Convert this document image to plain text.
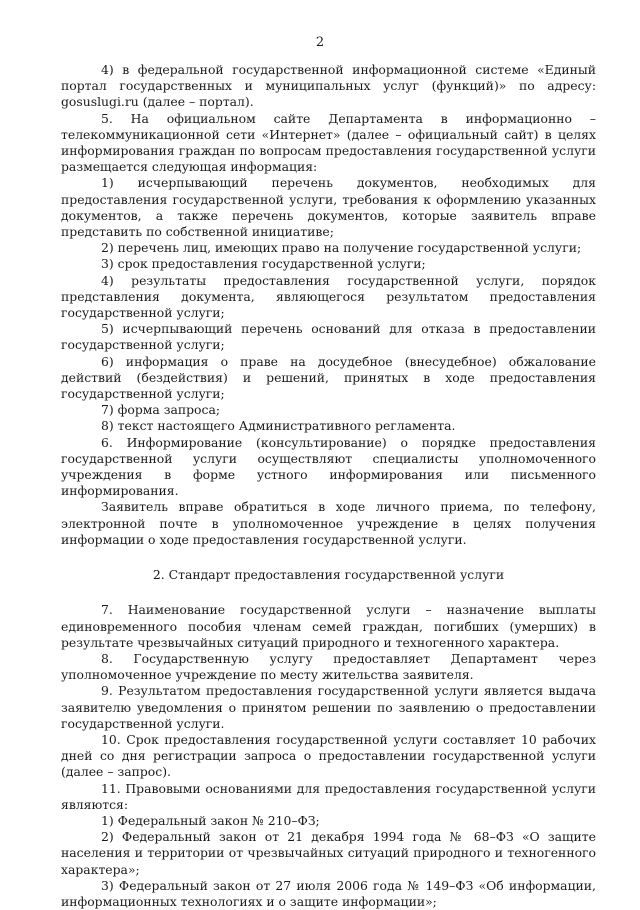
2

4) в федеральной государственной информационной системе «Единый портал государственных и муниципальных услуг (функций)» по адресу: gosuslugi.ru (далее – портал).

5. На официальном сайте Департамента в информационно – телекоммуникационной сети «Интернет» (далее – официальный сайт) в целях информирования граждан по вопросам предоставления государственной услуги размещается следующая информация:

1) исчерпывающий перечень документов, необходимых для предоставления государственной услуги, требования к оформлению указанных документов, а также перечень документов, которые заявитель вправе представить по собственной инициативе;

2) перечень лиц, имеющих право на получение государственной услуги;

3) срок предоставления государственной услуги;

4) результаты предоставления государственной услуги, порядок представления документа, являющегося результатом предоставления государственной услуги;

5) исчерпывающий перечень оснований для отказа в предоставлении государственной услуги;

6) информация о праве на досудебное (внесудебное) обжалование действий (бездействия) и решений, принятых в ходе предоставления государственной услуги;

7) форма запроса;

8) текст настоящего Административного регламента.

6. Информирование (консультирование) о порядке предоставления государственной услуги осуществляют специалисты уполномоченного учреждения в форме устного информирования или письменного информирования.

Заявитель вправе обратиться в ходе личного приема, по телефону, электронной почте в уполномоченное учреждение в целях получения информации о ходе предоставления государственной услуги.

2. Стандарт предоставления государственной услуги

7. Наименование государственной услуги – назначение выплаты единовременного пособия членам семей граждан, погибших (умерших) в результате чрезвычайных ситуаций природного и техногенного характера.

8. Государственную услугу предоставляет Департамент через уполномоченное учреждение по месту жительства заявителя.

9. Результатом предоставления государственной услуги является выдача заявителю уведомления о принятом решении по заявлению о предоставлении государственной услуги.

10. Срок предоставления государственной услуги составляет 10 рабочих дней со дня регистрации запроса о предоставлении государственной услуги (далее – запрос).

11. Правовыми основаниями для предоставления государственной услуги являются:

1) Федеральный закон № 210–ФЗ;

2) Федеральный закон от 21 декабря 1994 года № 68–ФЗ «О защите населения и территории от чрезвычайных ситуаций природного и техногенного характера»;

3) Федеральный закон от 27 июля 2006 года № 149–ФЗ «Об информации, информационных технологиях и о защите информации»;
